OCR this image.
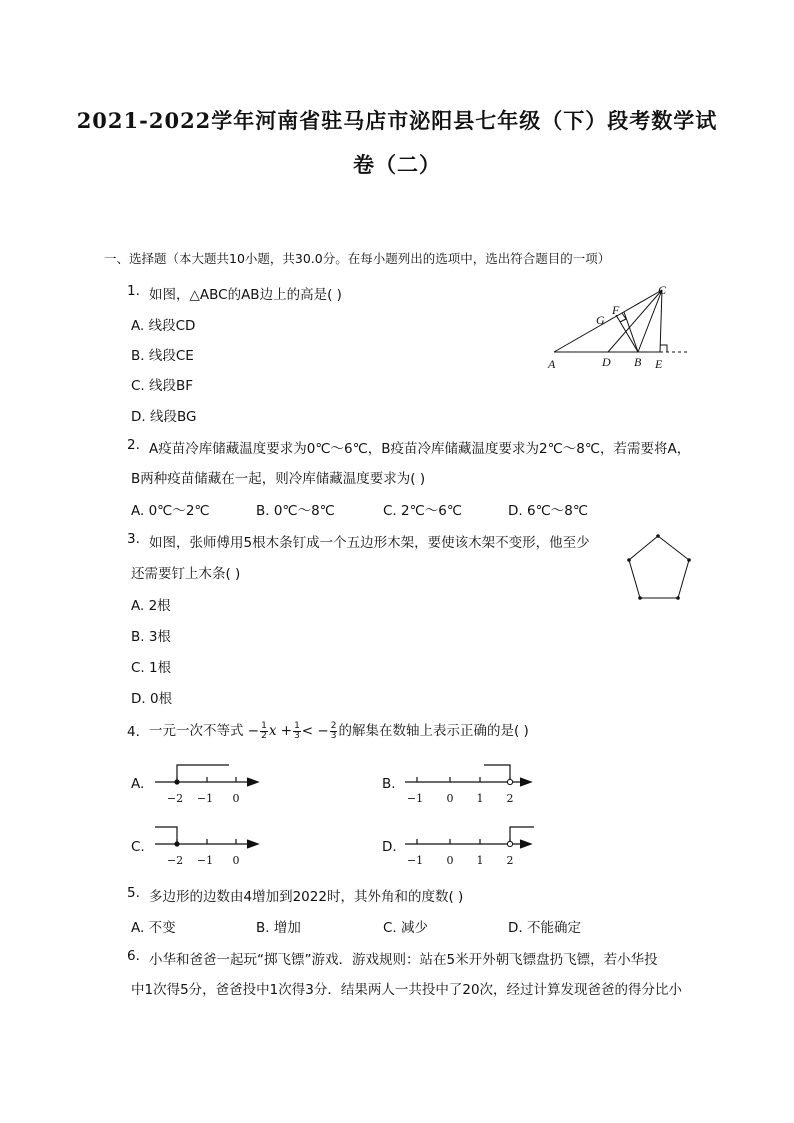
2021-2022学年河南省驻马店市泌阳县七年级（下）段考数学试
卷（二）
一、选择题（本大题共10小题，共30.0分。在每小题列出的选项中，选出符合题目的一项）
1. 如图，△ABC的AB边上的高是( )
A. 线段CD
B. 线段CE
C. 线段BF
D. 线段BG
A	D B E
G
F
C
2. A疫苗冷库储藏温度要求为0℃～6℃，B疫苗冷库储藏温度要求为2℃～8℃，若需要将A，
B两种疫苗储藏在一起，则冷库储藏温度要求为( )
A. 0℃～2℃	B. 0℃～8℃	C. 2℃～6℃	D. 6℃～8℃
3. 如图，张师傅用5根木条钉成一个五边形木架，要使该木架不变形，他至少
还需要钉上木条( )
A. 2根
B. 3根
C. 1根
D. 0根
4. 一元一次不等式 − $\frac{1}{2}$ $x + \frac{1}{3}$ < − $\frac{2}{3}$ 的解集在数轴上表示正确的是( )
A.
−2 −1 0
B.
−1 0 1 2
C.
−2 −1 0
D.
−1 0 1 2
5. 多边形的边数由4增加到2022时，其外角和的度数( )
A. 不变	B. 增加	C. 减少	D. 不能确定
6. 小华和爸爸一起玩“掷飞镖”游戏．游戏规则：站在5米开外朝飞镖盘扔飞镖，若小华投
中1次得5分，爸爸投中1次得3分．结果两人一共投中了20次，经过计算发现爸爸的得分比小
